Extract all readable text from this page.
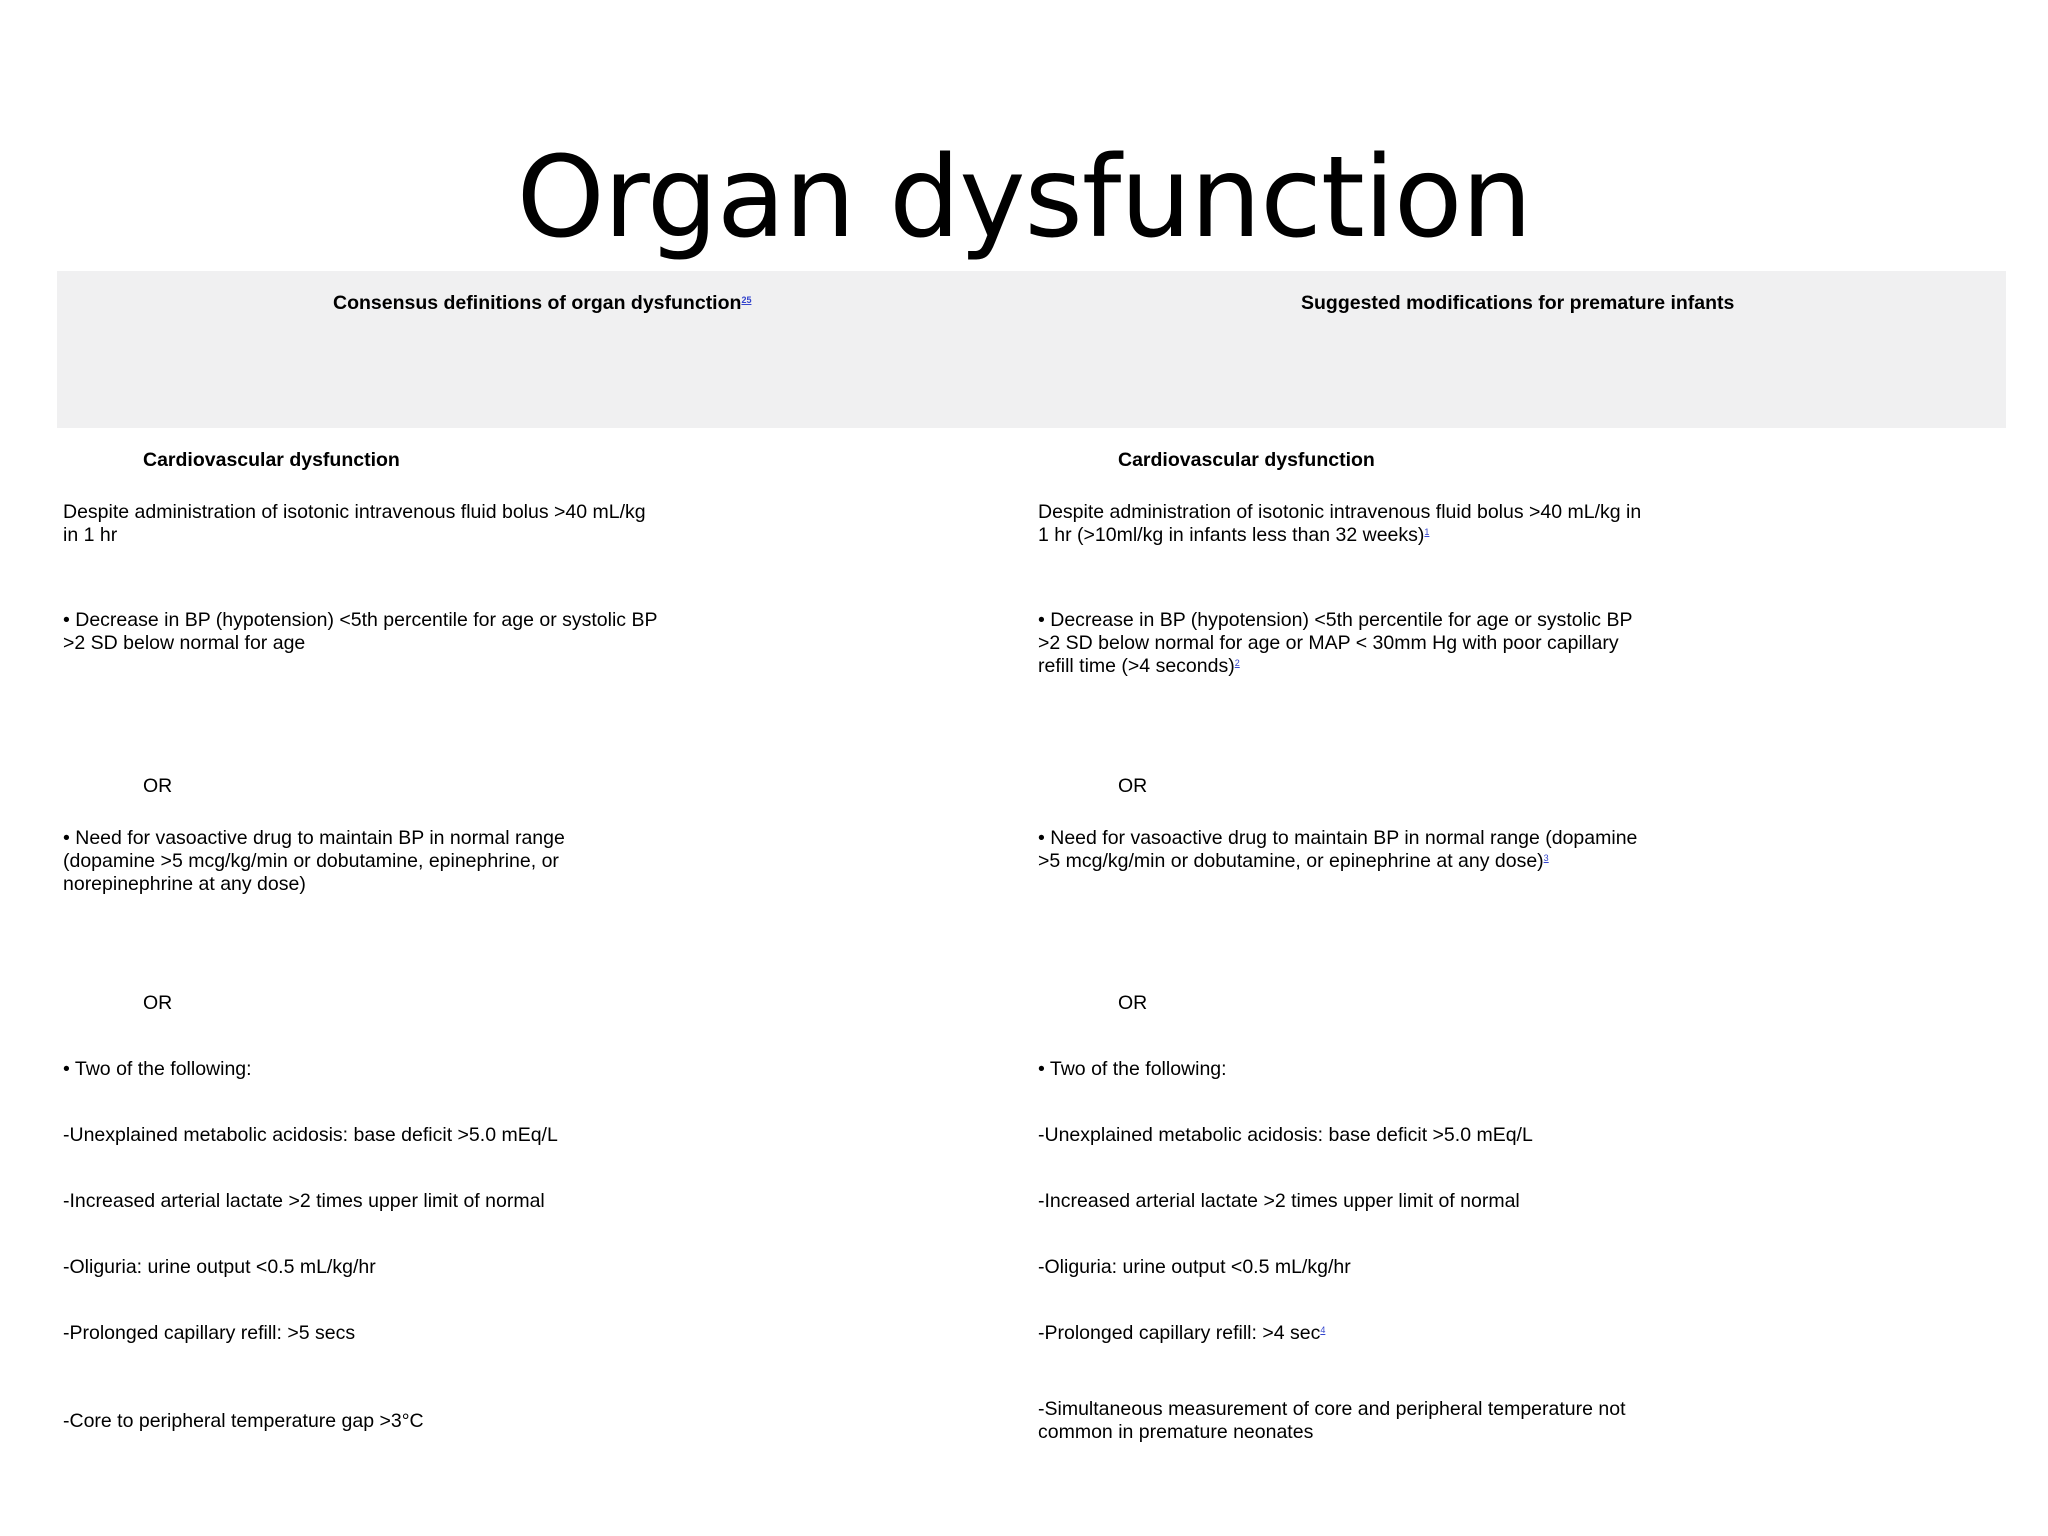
Organ dysfunction
Consensus definitions of organ dysfunction$^{25}$	Suggested modifications for premature infants
Cardiovascular dysfunction
Despite administration of isotonic intravenous fluid bolus >40 mL/kg
in 1 hr
• Decrease in BP (hypotension) <5th percentile for age or systolic BP
>2 SD below normal for age
OR
• Need for vasoactive drug to maintain BP in normal range
(dopamine >5 mcg/kg/min or dobutamine, epinephrine, or
norepinephrine at any dose)
OR
• Two of the following:
-Unexplained metabolic acidosis: base deficit >5.0 mEq/L
-Increased arterial lactate >2 times upper limit of normal
-Oliguria: urine output <0.5 mL/kg/hr
-Prolonged capillary refill: >5 secs
-Core to peripheral temperature gap >3°C
Cardiovascular dysfunction
Despite administration of isotonic intravenous fluid bolus >40 mL/kg in
1 hr (>10ml/kg in infants less than 32 weeks)$^1$
• Decrease in BP (hypotension) <5th percentile for age or systolic BP
>2 SD below normal for age or MAP < 30mm Hg with poor capillary
refill time (>4 seconds)$^2$
OR
• Need for vasoactive drug to maintain BP in normal range (dopamine
>5 mcg/kg/min or dobutamine, or epinephrine at any dose)$^3$
OR
• Two of the following:
-Unexplained metabolic acidosis: base deficit >5.0 mEq/L
-Increased arterial lactate >2 times upper limit of normal
-Oliguria: urine output <0.5 mL/kg/hr
-Prolonged capillary refill: >4 sec$^4$
-Simultaneous measurement of core and peripheral temperature not
common in premature neonates
